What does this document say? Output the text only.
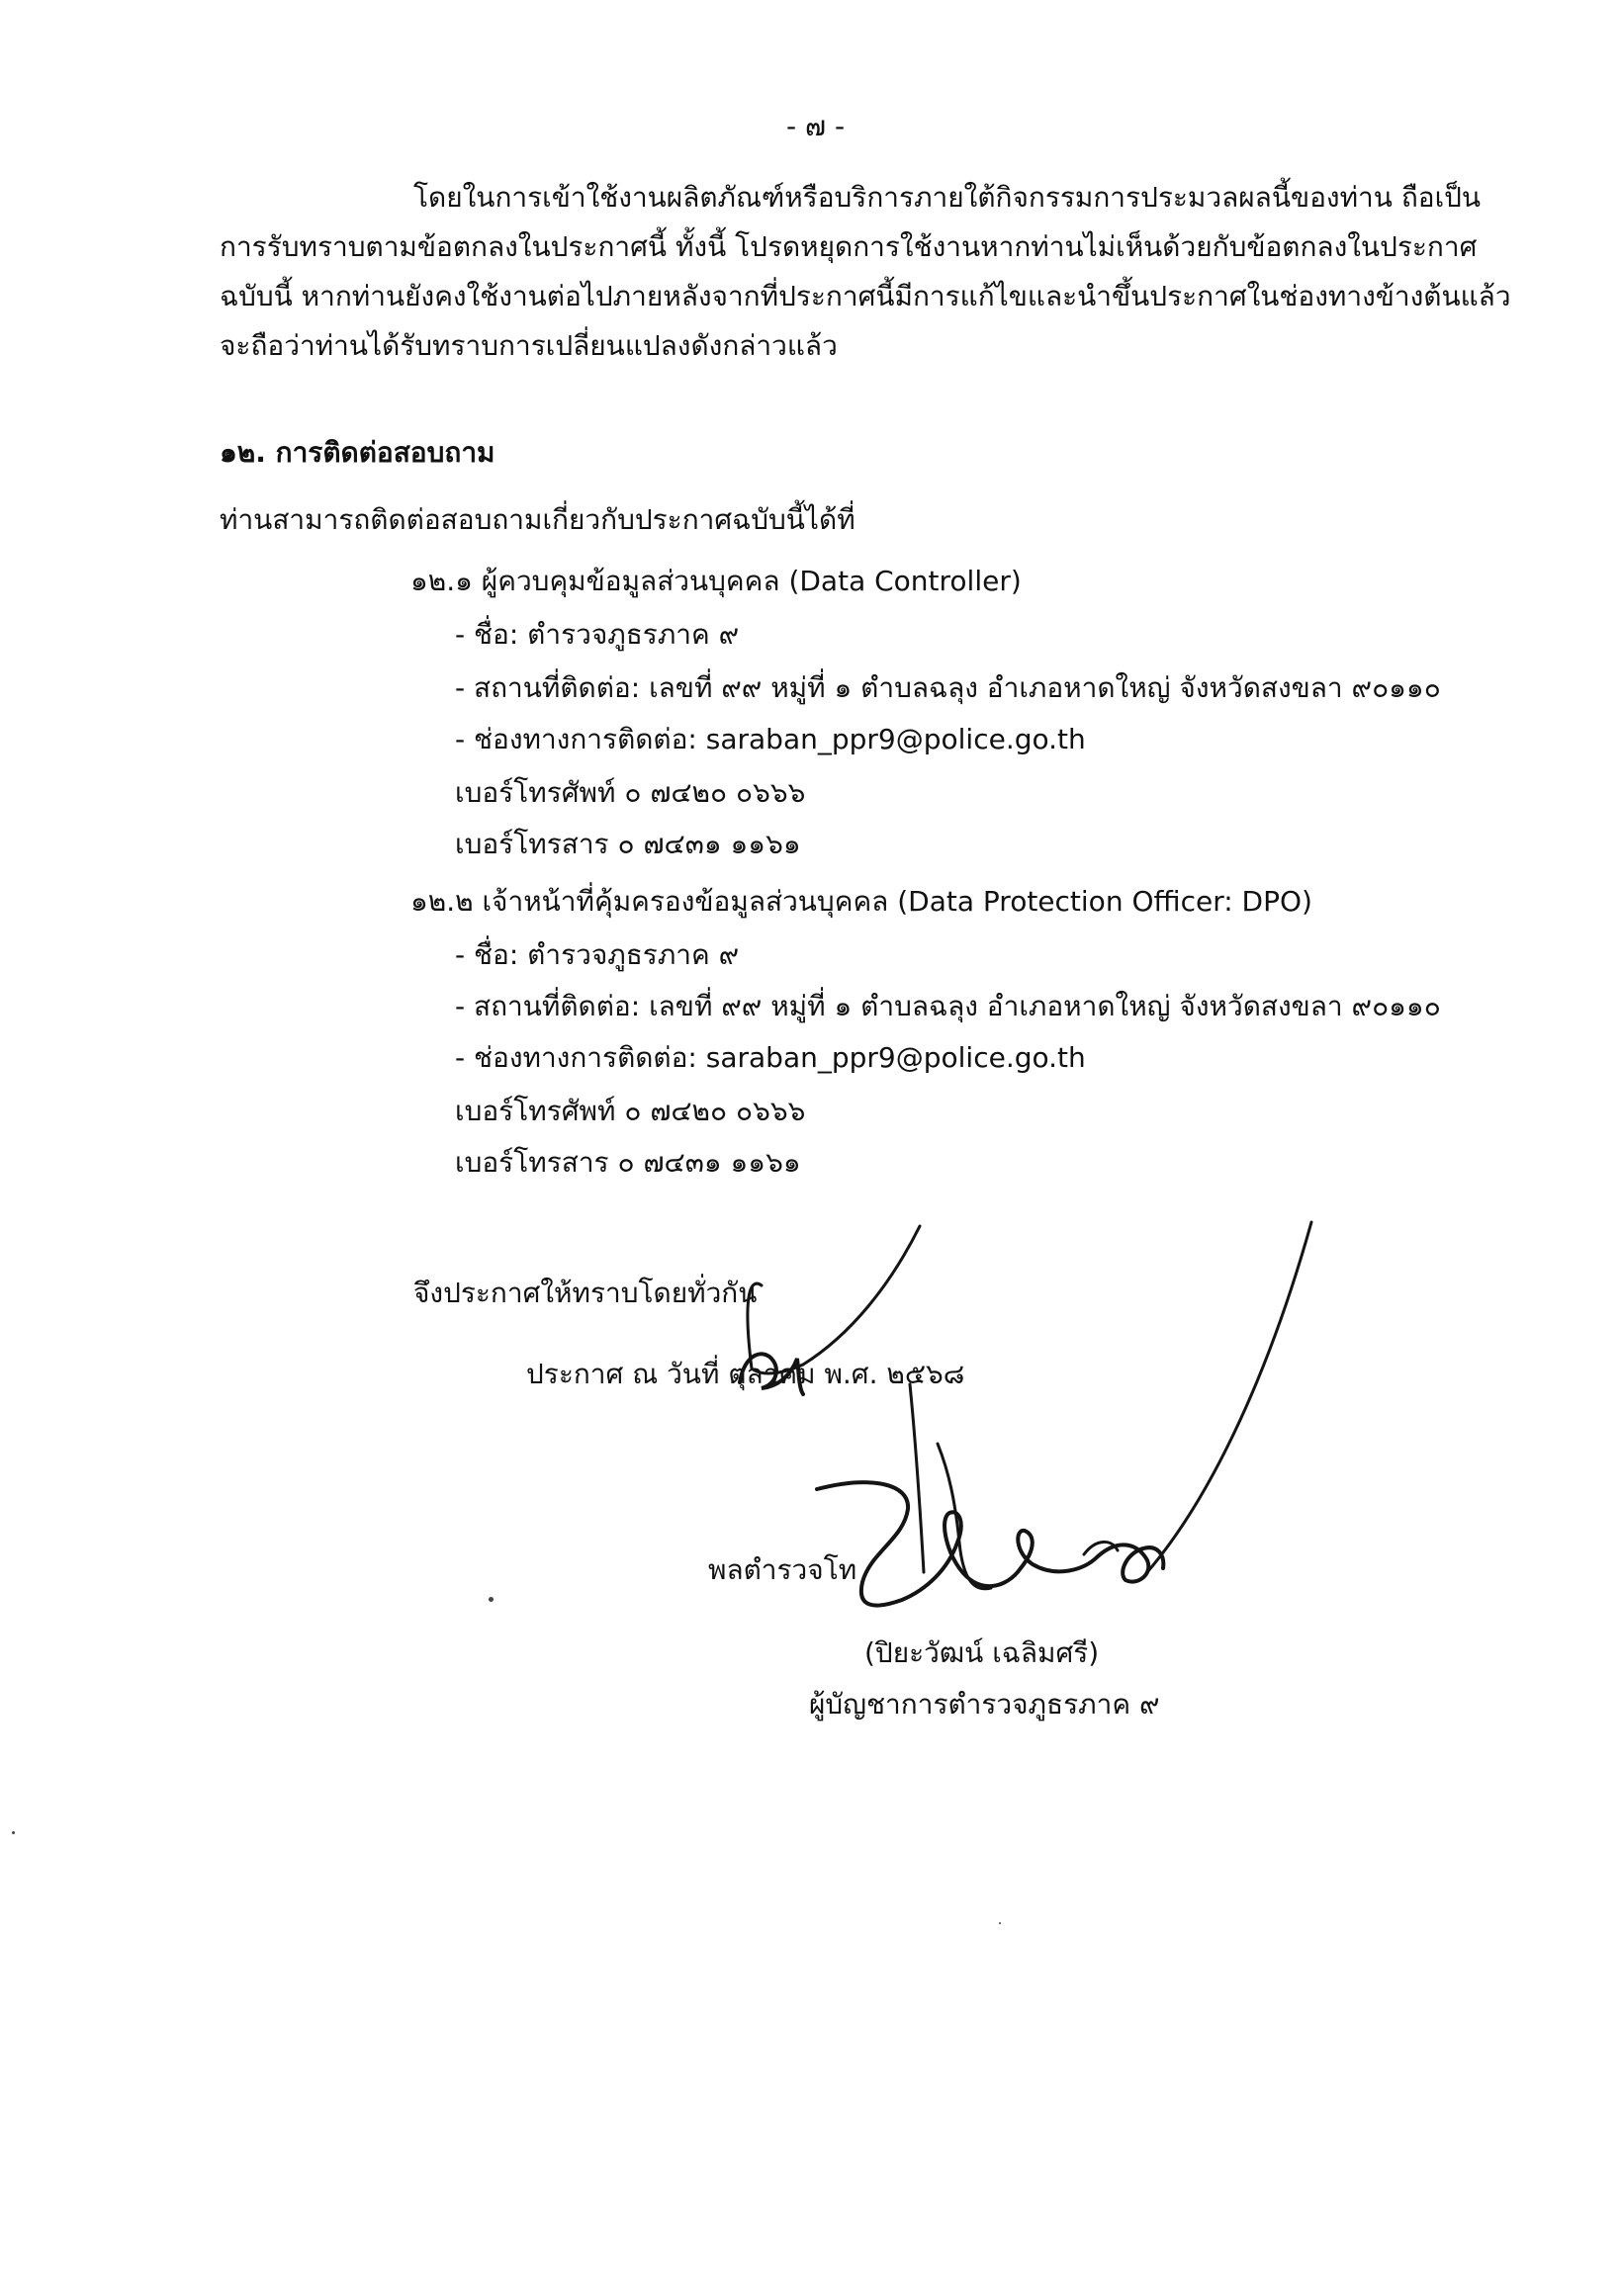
- ๗ -
โดยในการเข้าใช้งานผลิตภัณฑ์หรือบริการภายใต้กิจกรรมการประมวลผลนี้ของท่าน ถือเป็น
การรับทราบตามข้อตกลงในประกาศนี้ ทั้งนี้ โปรดหยุดการใช้งานหากท่านไม่เห็นด้วยกับข้อตกลงในประกาศ
ฉบับนี้ หากท่านยังคงใช้งานต่อไปภายหลังจากที่ประกาศนี้มีการแก้ไขและนำขึ้นประกาศในช่องทางข้างต้นแล้ว
จะถือว่าท่านได้รับทราบการเปลี่ยนแปลงดังกล่าวแล้ว
๑๒. การติดต่อสอบถาม
ท่านสามารถติดต่อสอบถามเกี่ยวกับประกาศฉบับนี้ได้ที่
๑๒.๑ ผู้ควบคุมข้อมูลส่วนบุคคล (Data Controller)
- ชื่อ: ตำรวจภูธรภาค ๙
- สถานที่ติดต่อ: เลขที่ ๙๙ หมู่ที่ ๑ ตำบลฉลุง อำเภอหาดใหญ่ จังหวัดสงขลา ๙๐๑๑๐
- ช่องทางการติดต่อ: saraban_ppr9@police.go.th
เบอร์โทรศัพท์ ๐ ๗๔๒๐ ๐๖๖๖
เบอร์โทรสาร ๐ ๗๔๓๑ ๑๑๖๑
๑๒.๒ เจ้าหน้าที่คุ้มครองข้อมูลส่วนบุคคล (Data Protection Officer: DPO)
- ชื่อ: ตำรวจภูธรภาค ๙
- สถานที่ติดต่อ: เลขที่ ๙๙ หมู่ที่ ๑ ตำบลฉลุง อำเภอหาดใหญ่ จังหวัดสงขลา ๙๐๑๑๐
- ช่องทางการติดต่อ: saraban_ppr9@police.go.th
เบอร์โทรศัพท์ ๐ ๗๔๒๐ ๐๖๖๖
เบอร์โทรสาร ๐ ๗๔๓๑ ๑๑๖๑
จึงประกาศให้ทราบโดยทั่วกัน
ประกาศ ณ วันที่ ตุลาคม พ.ศ. ๒๕๖๘
พลตำรวจโท
(ปิยะวัฒน์ เฉลิมศรี)
ผู้บัญชาการตำรวจภูธรภาค ๙
